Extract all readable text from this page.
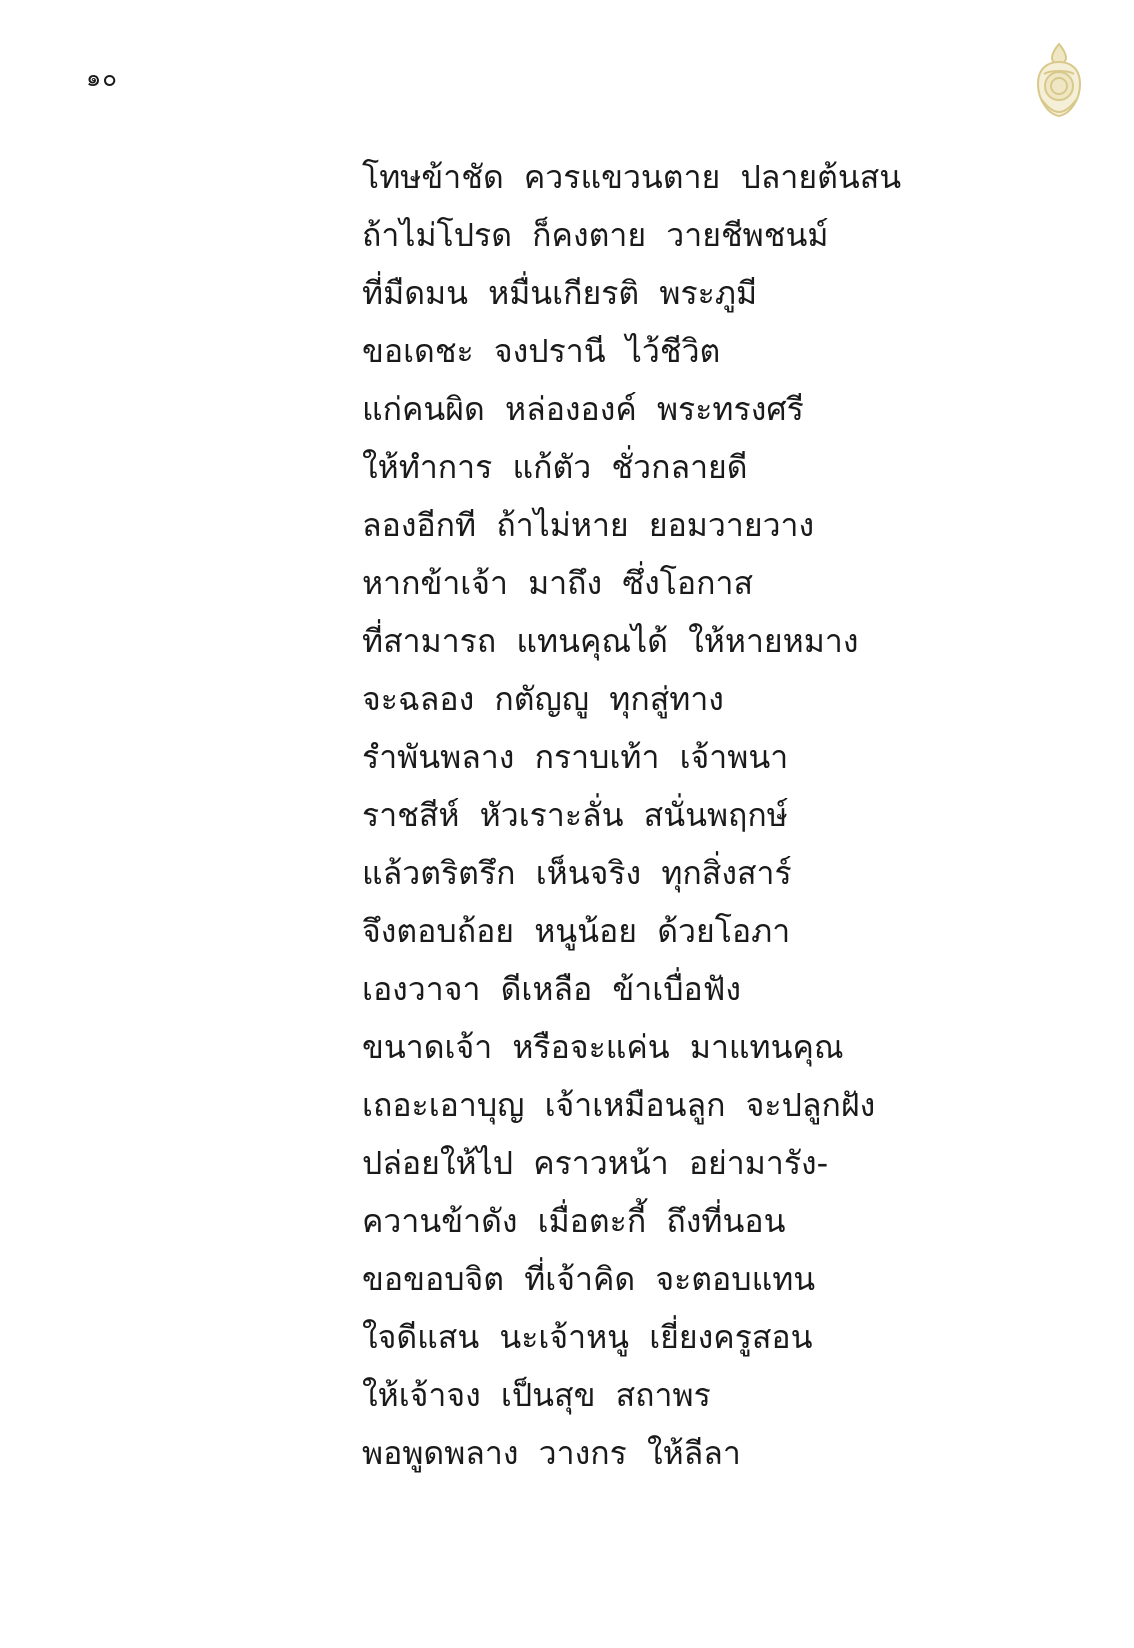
๑๐
โทษข้าชัด ควรแขวนตาย ปลายต้นสน
ถ้าไม่โปรด ก็คงตาย วายชีพชนม์
ที่มืดมน หมื่นเกียรติ พระภูมี
ขอเดชะ จงปรานี ไว้ชีวิต
แก่คนผิด หล่ององค์ พระทรงศรี
ให้ทำการ แก้ตัว ชั่วกลายดี
ลองอีกที ถ้าไม่หาย ยอมวายวาง
หากข้าเจ้า มาถึง ซึ่งโอกาส
ที่สามารถ แทนคุณได้ ให้หายหมาง
จะฉลอง กตัญญู ทุกสู่ทาง
รำพันพลาง กราบเท้า เจ้าพนา
ราชสีห์ หัวเราะลั่น สนั่นพฤกษ์
แล้วตริตรึก เห็นจริง ทุกสิ่งสาร์
จึงตอบถ้อย หนูน้อย ด้วยโอภา
เองวาจา ดีเหลือ ข้าเบื่อฟัง
ขนาดเจ้า หรือจะแค่น มาแทนคุณ
เถอะเอาบุญ เจ้าเหมือนลูก จะปลูกฝัง
ปล่อยให้ไป คราวหน้า อย่ามารัง-
ควานข้าดัง เมื่อตะกี้ ถึงที่นอน
ขอขอบจิต ที่เจ้าคิด จะตอบแทน
ใจดีแสน นะเจ้าหนู เยี่ยงครูสอน
ให้เจ้าจง เป็นสุข สถาพร
พอพูดพลาง วางกร ให้ลีลา
